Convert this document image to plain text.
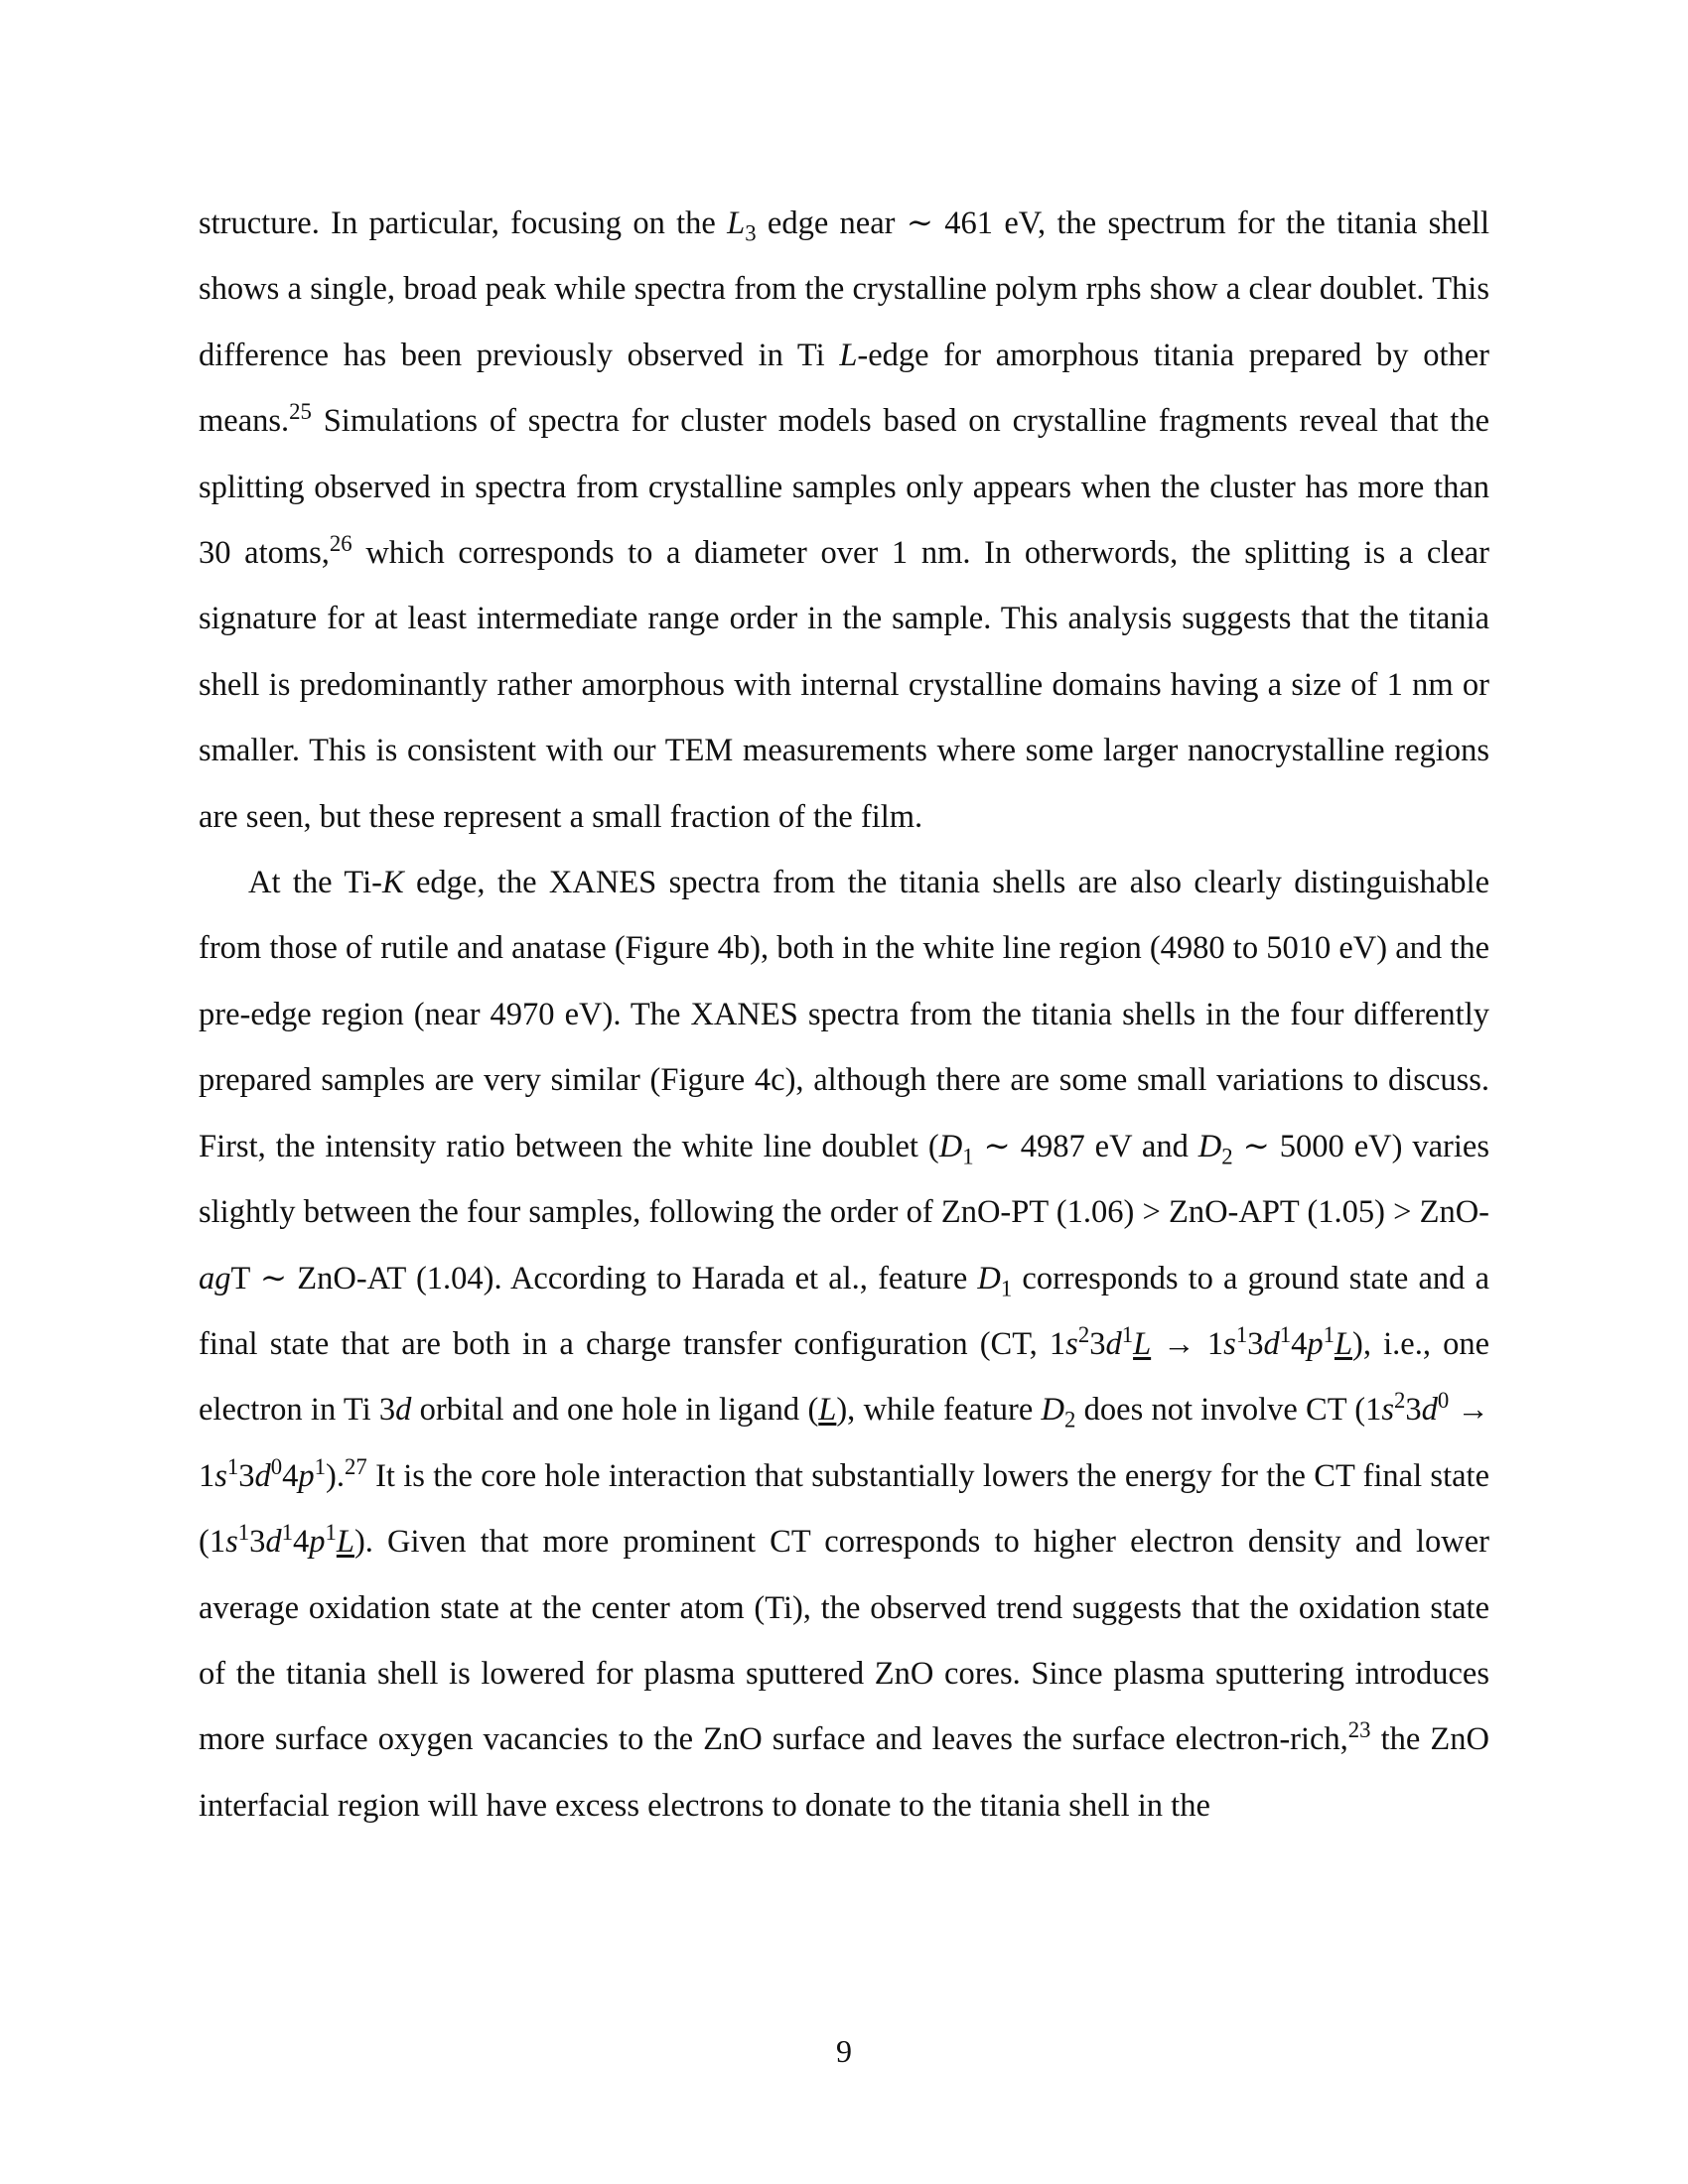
structure. In particular, focusing on the $L_3$ edge near ∼ 461 eV, the spectrum for the titania shell shows a single, broad peak while spectra from the crystalline polym rphs show a clear doublet. This difference has been previously observed in Ti L-edge for amorphous titania prepared by other means.$^{25}$ Simulations of spectra for cluster models based on crystalline fragments reveal that the splitting observed in spectra from crystalline samples only appears when the cluster has more than 30 atoms,$^{26}$ which corresponds to a diameter over 1 nm. In otherwords, the splitting is a clear signature for at least intermediate range order in the sample. This analysis suggests that the titania shell is predominantly rather amorphous with internal crystalline domains having a size of 1 nm or smaller. This is consistent with our TEM measurements where some larger nanocrystalline regions are seen, but these represent a small fraction of the film.

At the Ti-K edge, the XANES spectra from the titania shells are also clearly distinguishable from those of rutile and anatase (Figure 4b), both in the white line region (4980 to 5010 eV) and the pre-edge region (near 4970 eV). The XANES spectra from the titania shells in the four differently prepared samples are very similar (Figure 4c), although there are some small variations to discuss. First, the intensity ratio between the white line doublet ($D_1$ ∼ 4987 eV and $D_2$ ∼ 5000 eV) varies slightly between the four samples, following the order of ZnO-PT (1.06) > ZnO-APT (1.05) > ZnO-agT ∼ ZnO-AT (1.04). According to Harada et al., feature $D_1$ corresponds to a ground state and a final state that are both in a charge transfer configuration (CT, $1s^23d^1L \to 1s^13d^14p^1L$), i.e., one electron in Ti 3d orbital and one hole in ligand (L), while feature $D_2$ does not involve CT $(1s^23d^0 \to 1s^13d^04p^1).^{27}$ It is the core hole interaction that substantially lowers the energy for the CT final state $(1s^13d^14p^1L)$. Given that more prominent CT corresponds to higher electron density and lower average oxidation state at the center atom (Ti), the observed trend suggests that the oxidation state of the titania shell is lowered for plasma sputtered ZnO cores. Since plasma sputtering introduces more surface oxygen vacancies to the ZnO surface and leaves the surface electron-rich,$^{23}$ the ZnO interfacial region will have excess electrons to donate to the titania shell in the

9
